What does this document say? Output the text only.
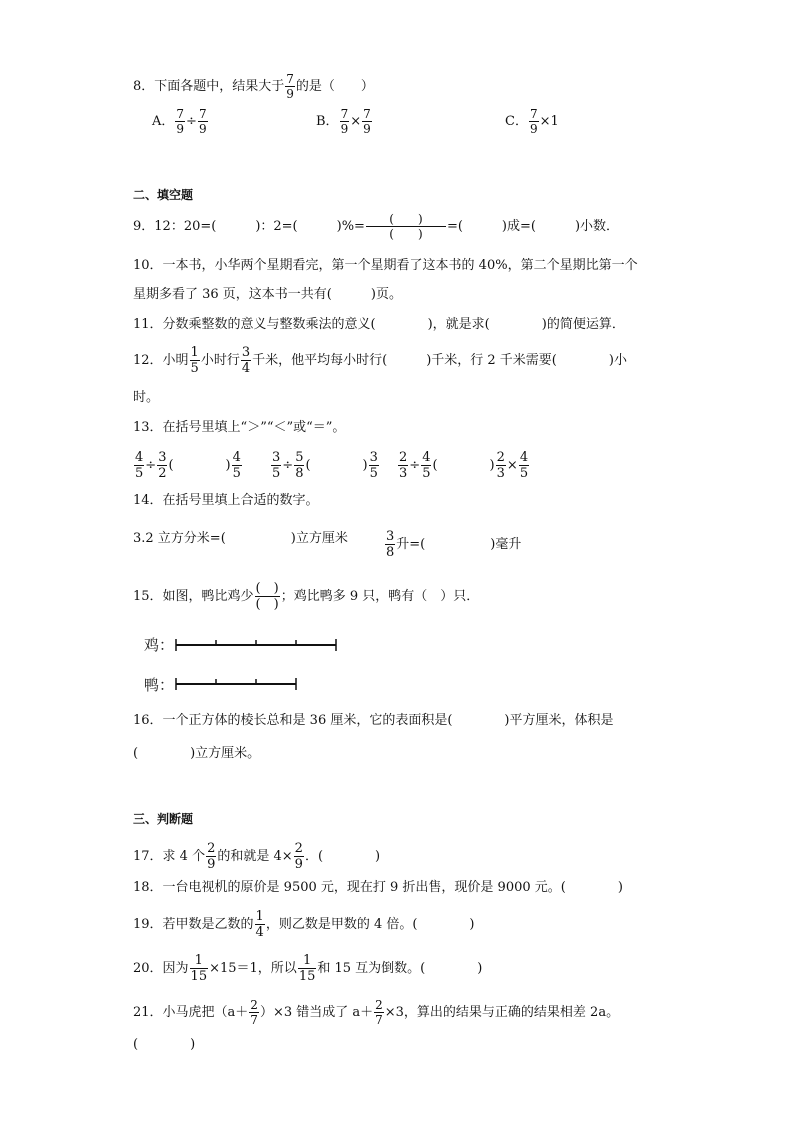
8．下面各题中，结果大于 $\frac{7}{9}$ 的是（　　）
A． $\frac{7}{9} \div \frac{7}{9}$	B． $\frac{7}{9} \times \frac{7}{9}$	C． $\frac{7}{9} \times 1$
二、填空题
9．12：20=(　　　)：2=(　　　)%= $\frac{( )}{( )}$ =(　　　)成=(　　　)小数．
10．一本书，小华两个星期看完，第一个星期看了这本书的 40%，第二个星期比第一个
星期多看了 36 页，这本书一共有(　　　)页。
11．分数乘整数的意义与整数乘法的意义(　　　　)，就是求(　　　　)的简便运算．
12．小明 $\frac{1}{5}$ 小时行 $\frac{3}{4}$ 千米，他平均每小时行(　　　)千米，行 2 千米需要(　　　　)小
时。
13．在括号里填上“＞”“＜”或“＝”。
$\frac{4}{5} \div \frac{3}{2}$ (　　　　) $\frac{4}{5} \frac{3}{5} \div \frac{5}{8}$ (　　　　) $\frac{3}{5} \frac{2}{3} \div \frac{4}{5}$ (　　　　) $\frac{2}{3} \times \frac{4}{5}$
14．在括号里填上合适的数字。
3.2 立方分米=(　　　　　)立方厘米	$\frac{3}{8}$ 升=(　　　　　)毫升
15．如图，鸭比鸡少 $\frac{( )}{( )}$ ；鸡比鸭多 9 只，鸭有（　）只．
鸡：
鸭：
16．一个正方体的棱长总和是 36 厘米，它的表面积是(　　　　)平方厘米，体积是
(　　　　)立方厘米。
三、判断题
17．求 4 个 $\frac{2}{9}$ 的和就是 $4\times \frac{2}{9}$ ．(　　　　)
18．一台电视机的原价是 9500 元，现在打 9 折出售，现价是 9000 元。(　　　　)
19．若甲数是乙数的 $\frac{1}{4}$ ，则乙数是甲数的 4 倍。(　　　　)
20．因为 $\frac{1}{15} \times 15=1$，所以 $\frac{1}{15}$ 和 15 互为倒数。(　　　　)
21．小马虎把$(a+ \frac{2}{7} )\times 3$ 错当成了 $a+ \frac{2}{7} \times 3$，算出的结果与正确的结果相差 2a。
(　　　　)
